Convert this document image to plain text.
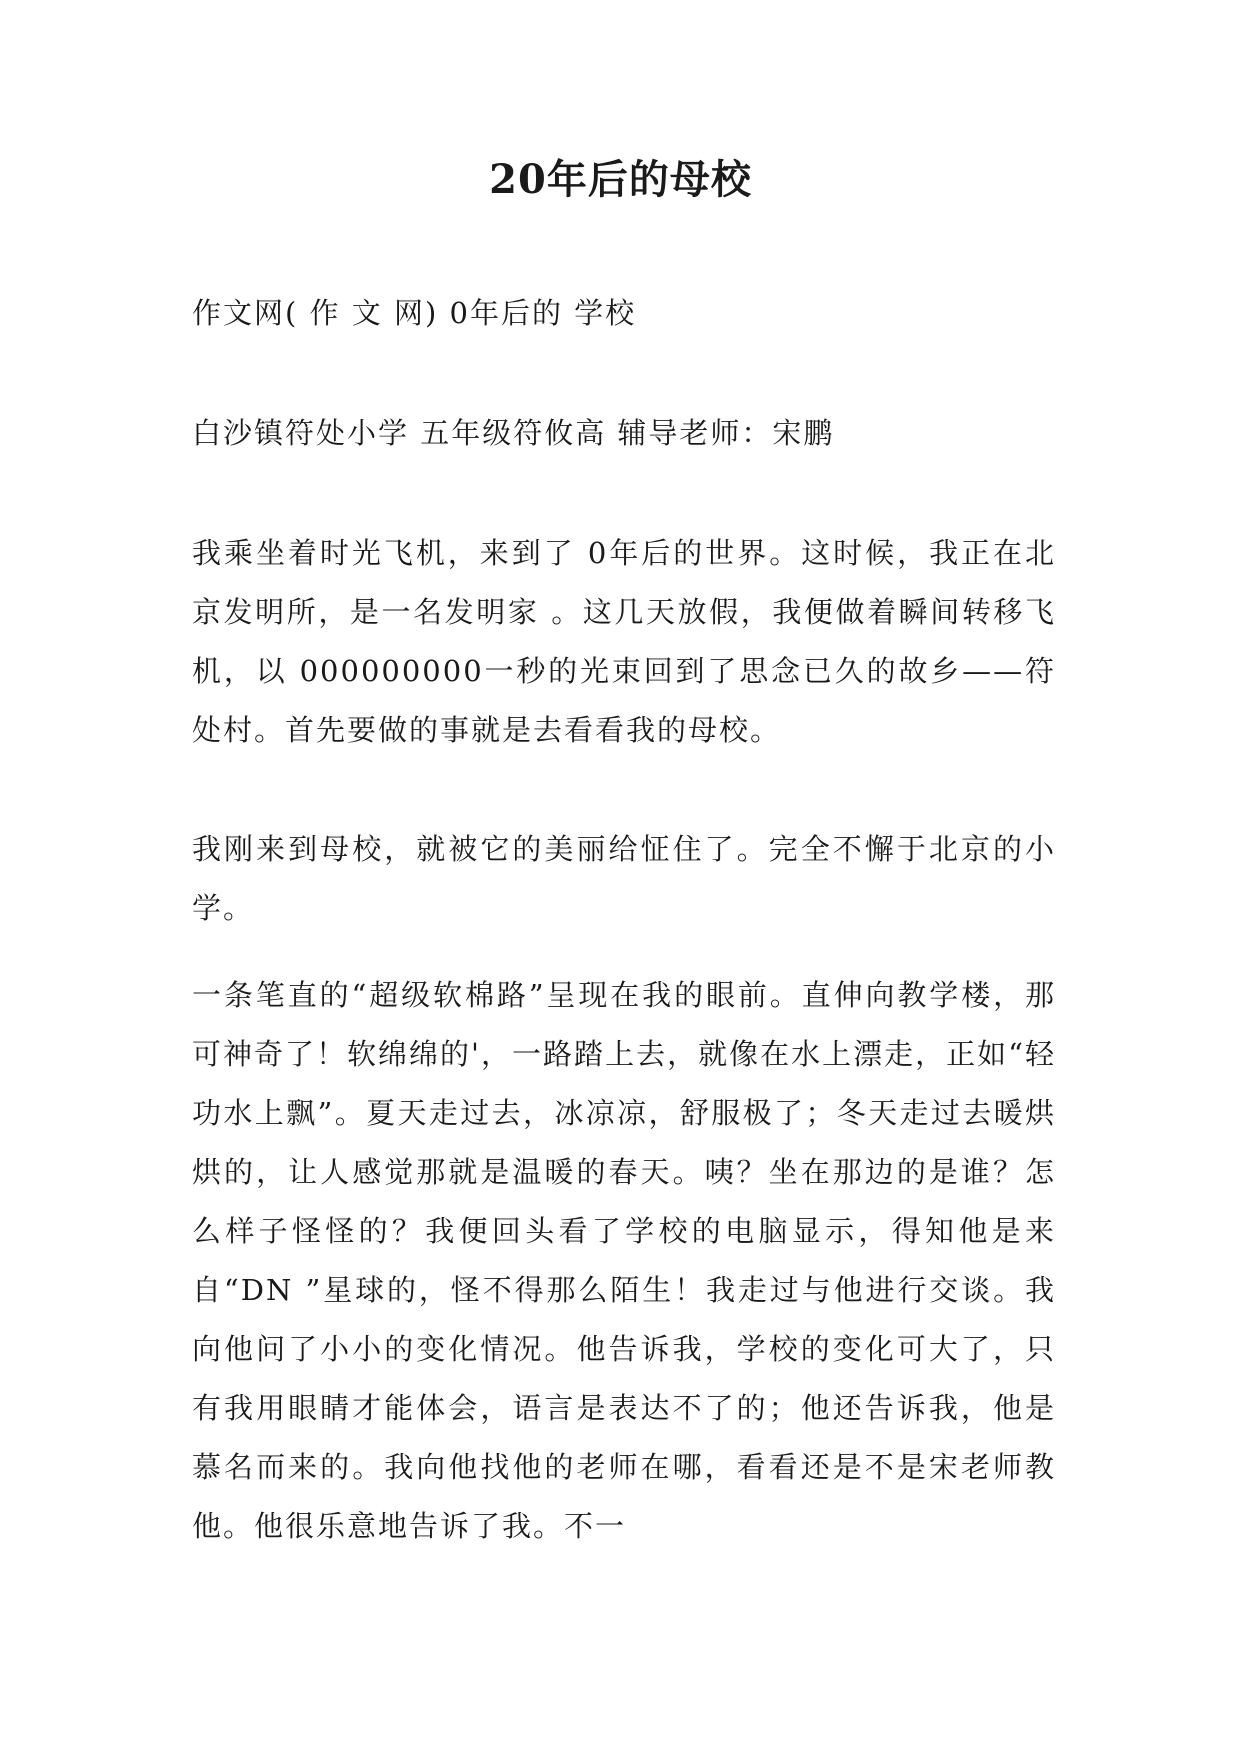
20年后的母校
作文网( 作 文 网) 0年后的 学校
白沙镇符处小学 五年级符攸高 辅导老师：宋鹏
我乘坐着时光飞机，来到了 0年后的世界。这时候，我正在北京发明所，是一名发明家 。这几天放假，我便做着瞬间转移飞机，以 000000000一秒的光束回到了思念已久的故乡——符处村。首先要做的事就是去看看我的母校。
我刚来到母校，就被它的美丽给怔住了。完全不懈于北京的小学。
一条笔直的“超级软棉路”呈现在我的眼前。直伸向教学楼，那可神奇了！软绵绵的'，一路踏上去，就像在水上漂走，正如“轻功水上飘”。夏天走过去，冰凉凉，舒服极了；冬天走过去暖烘烘的，让人感觉那就是温暖的春天。咦？坐在那边的是谁？怎么样子怪怪的？我便回头看了学校的电脑显示，得知他是来自“DN ”星球的，怪不得那么陌生！我走过与他进行交谈。我向他问了小小的变化情况。他告诉我，学校的变化可大了，只有我用眼睛才能体会，语言是表达不了的；他还告诉我，他是慕名而来的。我向他找他的老师在哪，看看还是不是宋老师教他。他很乐意地告诉了我。不一
